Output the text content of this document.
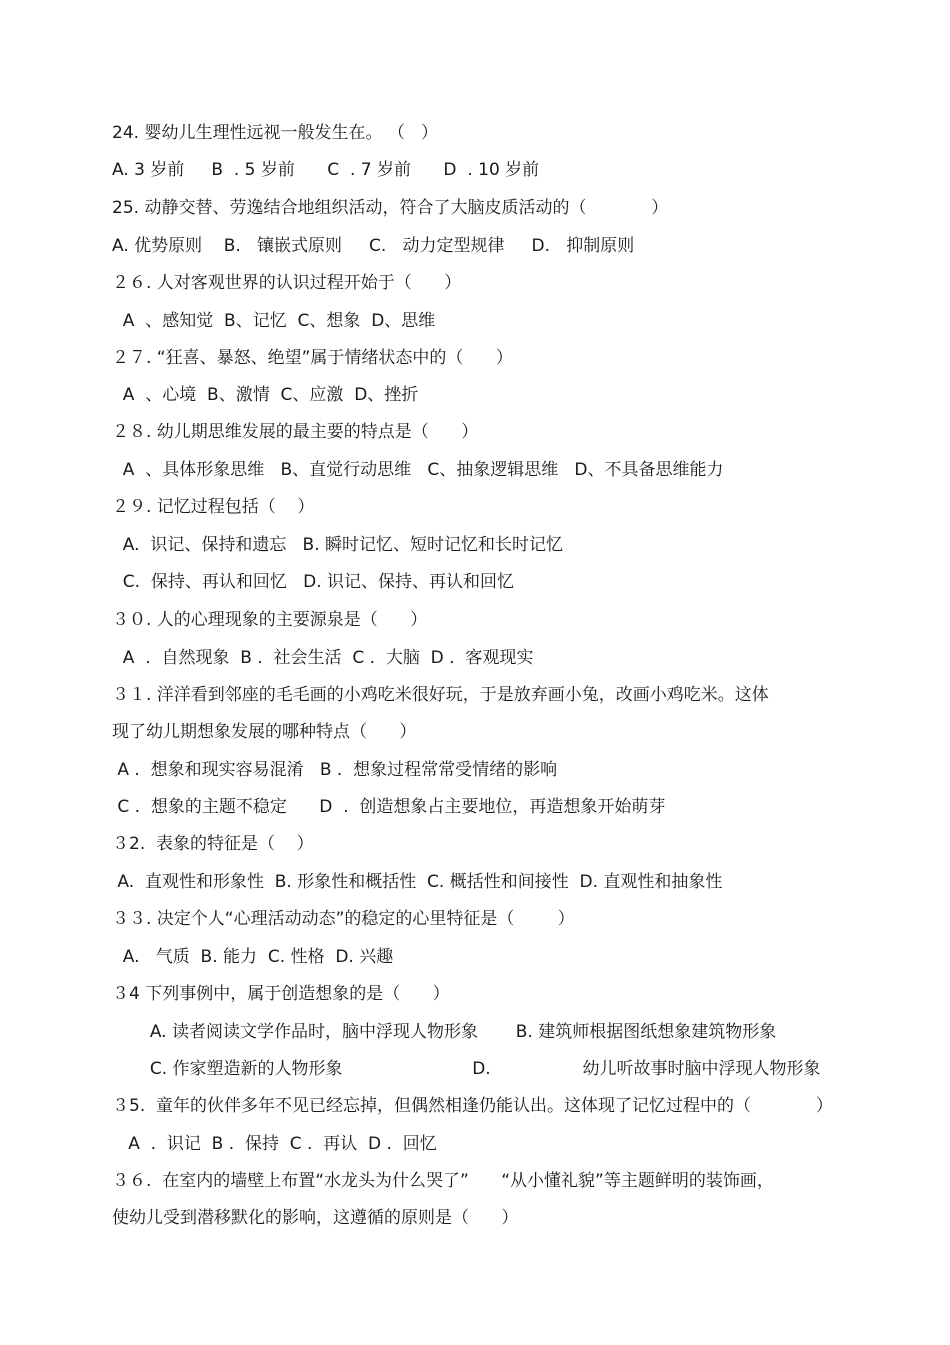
24. 婴幼儿生理性远视一般发生在。 （   ）
A. 3 岁前     B  . 5 岁前      C  . 7 岁前      D  . 10 岁前
25. 动静交替、劳逸结合地组织活动，符合了大脑皮质活动的（            ）
A. 优势原则    B.   镶嵌式原则     C.   动力定型规律     D.   抑制原则
２６. 人对客观世界的认识过程开始于（      ）
A  、感知觉  B、记忆  C、想象  D、思维
２７. “狂喜、暴怒、绝望”属于情绪状态中的（      ）
A  、心境  B、激情  C、应激  D、挫折
２８. 幼儿期思维发展的最主要的特点是（      ）
A  、具体形象思维   B、直觉行动思维   C、抽象逻辑思维   D、不具备思维能力
２９. 记忆过程包括（    ）
A.  识记、保持和遗忘   B. 瞬时记忆、短时记忆和长时记忆
C.  保持、再认和回忆   D. 识记、保持、再认和回忆
３０. 人的心理现象的主要源泉是（      ）
A  .  自然现象  B .  社会生活  C .  大脑  D .  客观现实
３１. 洋洋看到邻座的毛毛画的小鸡吃米很好玩，于是放弃画小兔，改画小鸡吃米。这体
现了幼儿期想象发展的哪种特点（      ）
A .  想象和现实容易混淆   B .  想象过程常常受情绪的影响
C .  想象的主题不稳定      D  .  创造想象占主要地位，再造想象开始萌芽
３2.  表象的特征是（    ）
A.  直观性和形象性  B. 形象性和概括性  C. 概括性和间接性  D. 直观性和抽象性
３３. 决定个人“心理活动动态”的稳定的心里特征是（        ）
A.   气质  B. 能力  C. 性格  D. 兴趣
３4 下列事例中，属于创造想象的是（      ）
A. 读者阅读文学作品时，脑中浮现人物形象       B. 建筑师根据图纸想象建筑物形象
C. 作家塑造新的人物形象                        D.                 幼儿听故事时脑中浮现人物形象
３5.  童年的伙伴多年不见已经忘掉，但偶然相逢仍能认出。这体现了记忆过程中的（            ）
A  .  识记  B .  保持  C .  再认  D .  回忆
３６.  在室内的墙壁上布置“水龙头为什么哭了”      “从小懂礼貌”等主题鲜明的装饰画，
使幼儿受到潜移默化的影响，这遵循的原则是（      ）
